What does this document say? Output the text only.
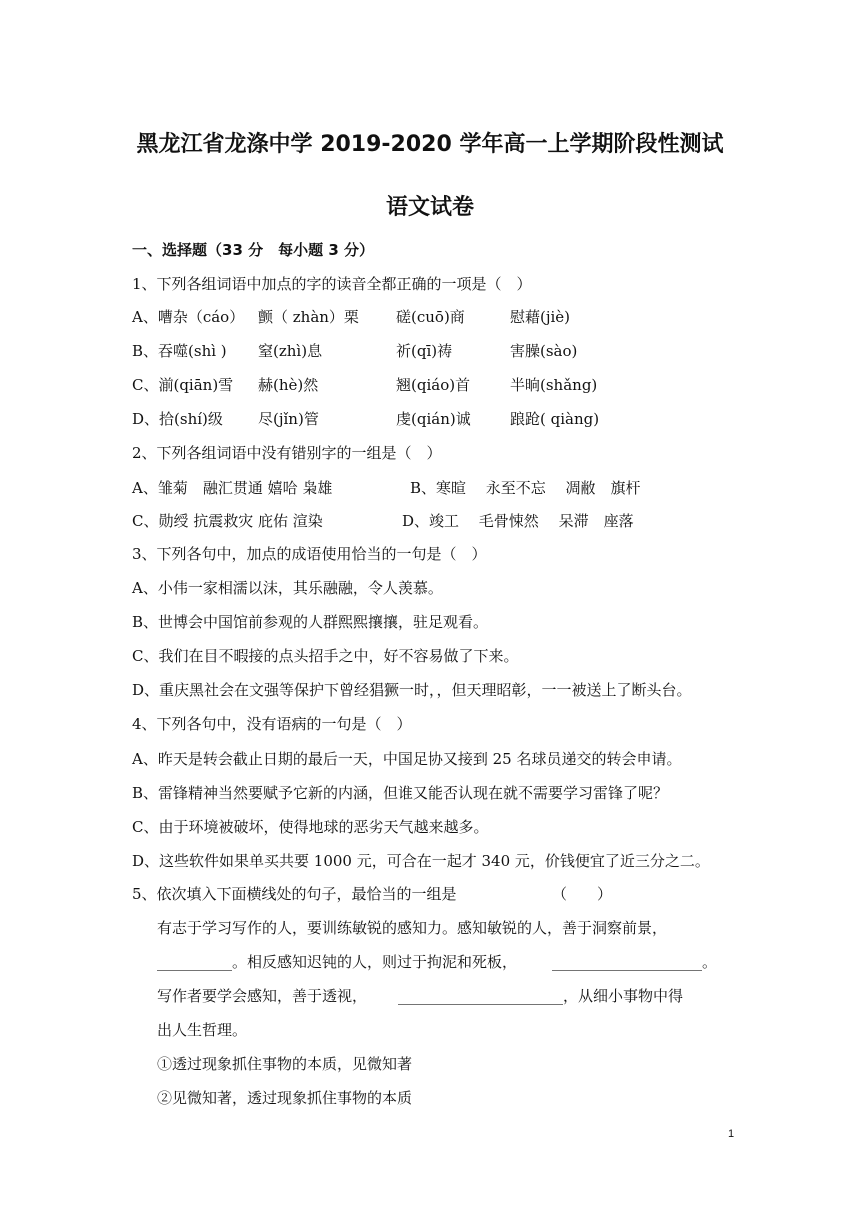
黑龙江省龙涤中学 2019-2020 学年高一上学期阶段性测试
语文试卷
一、选择题（33 分　每小题 3 分）
1、下列各组词语中加点的字的读音全都正确的一项是（　）
A、嘈杂（cáo） 颤（ zhàn）栗 磋(cuō)商	慰藉(jiè)
B、吞噬(shì ) 窒(zhì)息	祈(qī)祷	害臊(sào)
C、湔(qiān)雪 赫(hè)然	翘(qiáo)首	半晌(shǎng)
D、拾(shí)级 尽(jǐn)管	虔(qián)诚	踉跄( qiàng)
2、下列各组词语中没有错别字的一组是（　）
A、雏菊　融汇贯通 嬉哈 枭雄	B、寒暄　 永至不忘　 凋敝　旗杆
C、勋绶 抗震救灾 庇佑 渲染	D、竣工　 毛骨悚然　 呆滞　座落
3、下列各句中，加点的成语使用恰当的一句是（　）
A、小伟一家相濡以沫，其乐融融，令人羡慕。
B、世博会中国馆前参观的人群熙熙攘攘，驻足观看。
C、我们在目不暇接的点头招手之中，好不容易做了下来。
D、重庆黑社会在文强等保护下曾经猖獗一时，，但天理昭彰，一一被送上了断头台。
4、下列各句中，没有语病的一句是（　）
A、昨天是转会截止日期的最后一天，中国足协又接到 25 名球员递交的转会申请。
B、雷锋精神当然要赋予它新的内涵，但谁又能否认现在就不需要学习雷锋了呢？
C、由于环境被破坏，使得地球的恶劣天气越来越多。
D、这些软件如果单买共要 1000 元，可合在一起才 340 元，价钱便宜了近三分之二。
5、依次填入下面横线处的句子，最恰当的一组是	（　　）
有志于学习写作的人，要训练敏锐的感知力。感知敏锐的人，善于洞察前景，
__________。相反感知迟钝的人，则过于拘泥和死板， ____________________。
写作者要学会感知，善于透视， ______________________，从细小事物中得
出人生哲理。
①透过现象抓住事物的本质，见微知著
②见微知著，透过现象抓住事物的本质
1
